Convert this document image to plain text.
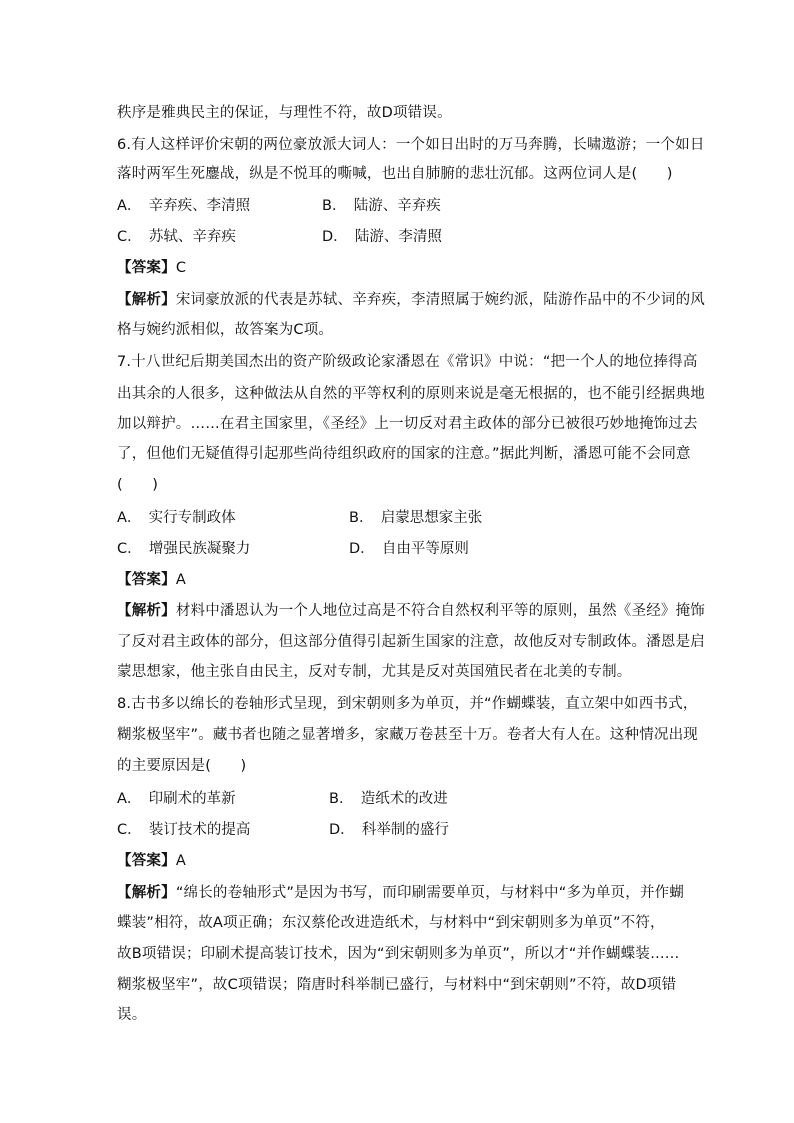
秩序是雅典民主的保证，与理性不符，故D项错误。
6.有人这样评价宋朝的两位豪放派大词人：一个如日出时的万马奔腾，长啸遨游；一个如日
落时两军生死鏖战，纵是不悦耳的嘶喊，也出自肺腑的悲壮沉郁。这两位词人是(　　)
A．　辛弃疾、李清照	B．　陆游、辛弃疾
C．　苏轼、辛弃疾	D．　陆游、李清照
【答案】C
【解析】宋词豪放派的代表是苏轼、辛弃疾，李清照属于婉约派，陆游作品中的不少词的风
格与婉约派相似，故答案为C项。
7.十八世纪后期美国杰出的资产阶级政论家潘恩在《常识》中说：“把一个人的地位捧得高
出其余的人很多，这种做法从自然的平等权利的原则来说是毫无根据的，也不能引经据典地
加以辩护。……在君主国家里，《圣经》上一切反对君主政体的部分已被很巧妙地掩饰过去
了，但他们无疑值得引起那些尚待组织政府的国家的注意。”据此判断，潘恩可能不会同意
(　　)
A．　实行专制政体	B．　启蒙思想家主张
C．　增强民族凝聚力	D．　自由平等原则
【答案】A
【解析】材料中潘恩认为一个人地位过高是不符合自然权利平等的原则，虽然《圣经》掩饰
了反对君主政体的部分，但这部分值得引起新生国家的注意，故他反对专制政体。潘恩是启
蒙思想家，他主张自由民主，反对专制，尤其是反对英国殖民者在北美的专制。
8.古书多以绵长的卷轴形式呈现，到宋朝则多为单页，并“作蝴蝶装，直立架中如西书式，
糊浆极坚牢”。藏书者也随之显著增多，家藏万卷甚至十万。卷者大有人在。这种情况出现
的主要原因是(　　)
A．　印刷术的革新	B．　造纸术的改进
C．　装订技术的提高	D．　科举制的盛行
【答案】A
【解析】“绵长的卷轴形式”是因为书写，而印刷需要单页，与材料中“多为单页，并作蝴
蝶装”相符，故A项正确；东汉蔡伦改进造纸术，与材料中“到宋朝则多为单页”不符，
故B项错误；印刷术提高装订技术，因为“到宋朝则多为单页”，所以才“并作蝴蝶装……
糊浆极坚牢”，故C项错误；隋唐时科举制已盛行，与材料中“到宋朝则”不符，故D项错
误。
